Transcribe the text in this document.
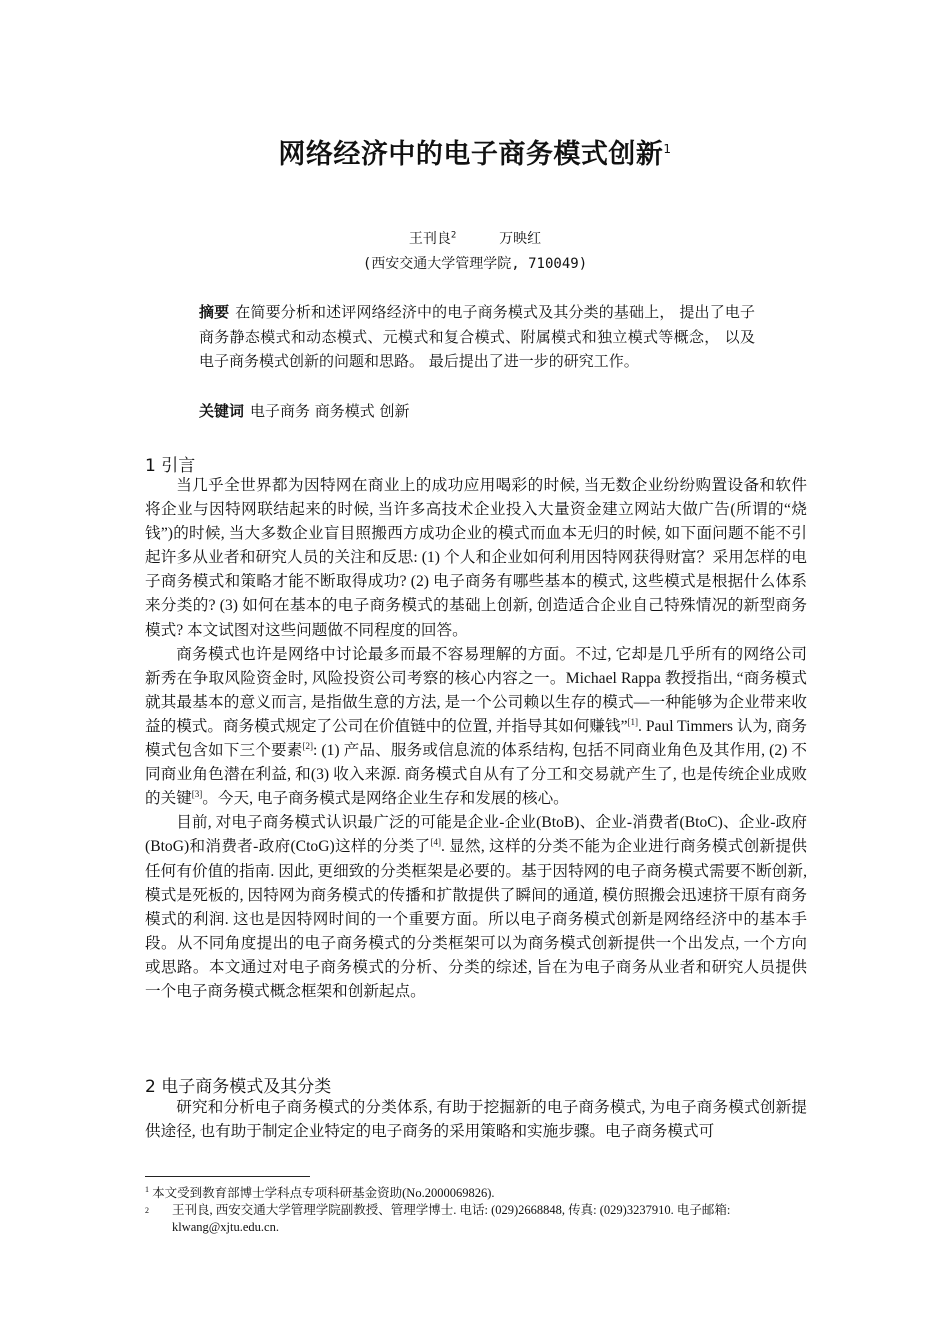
网络经济中的电子商务模式创新$^1$
王刊良$^2$	万映红
(西安交通大学管理学院, 710049)
摘要 在简要分析和述评网络经济中的电子商务模式及其分类的基础上， 提出了电子商务静态模式和动态模式、元模式和复合模式、附属模式和独立模式等概念， 以及电子商务模式创新的问题和思路。 最后提出了进一步的研究工作。
关键词 电子商务 商务模式 创新
1 引言

当几乎全世界都为因特网在商业上的成功应用喝彩的时候, 当无数企业纷纷购置设备和软件将企业与因特网联结起来的时候, 当许多高技术企业投入大量资金建立网站大做广告(所谓的“烧钱”)的时候, 当大多数企业盲目照搬西方成功企业的模式而血本无归的时候, 如下面问题不能不引起许多从业者和研究人员的关注和反思: (1) 个人和企业如何利用因特网获得财富？采用怎样的电子商务模式和策略才能不断取得成功? (2) 电子商务有哪些基本的模式, 这些模式是根据什么体系来分类的? (3) 如何在基本的电子商务模式的基础上创新, 创造适合企业自己特殊情况的新型商务模式? 本文试图对这些问题做不同程度的回答。

商务模式也许是网络中讨论最多而最不容易理解的方面。不过, 它却是几乎所有的网络公司新秀在争取风险资金时, 风险投资公司考察的核心内容之一。Michael Rappa 教授指出, “商务模式就其最基本的意义而言, 是指做生意的方法, 是一个公司赖以生存的模式—一种能够为企业带来收益的模式。商务模式规定了公司在价值链中的位置, 并指导其如何赚钱”[1]. Paul Timmers 认为, 商务模式包含如下三个要素[2]: (1) 产品、服务或信息流的体系结构, 包括不同商业角色及其作用, (2) 不同商业角色潜在利益, 和(3) 收入来源. 商务模式自从有了分工和交易就产生了, 也是传统企业成败的关键[3]。今天, 电子商务模式是网络企业生存和发展的核心。

目前, 对电子商务模式认识最广泛的可能是企业-企业(BtoB)、企业-消费者(BtoC)、企业-政府(BtoG)和消费者-政府(CtoG)这样的分类了[4]. 显然, 这样的分类不能为企业进行商务模式创新提供任何有价值的指南. 因此, 更细致的分类框架是必要的。基于因特网的电子商务模式需要不断创新, 模式是死板的, 因特网为商务模式的传播和扩散提供了瞬间的通道, 模仿照搬会迅速挤干原有商务模式的利润. 这也是因特网时间的一个重要方面。所以电子商务模式创新是网络经济中的基本手段。从不同角度提出的电子商务模式的分类框架可以为商务模式创新提供一个出发点, 一个方向或思路。本文通过对电子商务模式的分析、分类的综述, 旨在为电子商务从业者和研究人员提供一个电子商务模式概念框架和创新起点。

2 电子商务模式及其分类

研究和分析电子商务模式的分类体系, 有助于挖掘新的电子商务模式, 为电子商务模式创新提供途径, 也有助于制定企业特定的电子商务的采用策略和实施步骤。电子商务模式可

$^1$ 本文受到教育部博士学科点专项科研基金资助(No.2000069826).
$^2$	王刊良, 西安交通大学管理学院副教授、管理学博士. 电话: (029)2668848, 传真: (029)3237910. 电子邮箱: klwang@xjtu.edu.cn.
